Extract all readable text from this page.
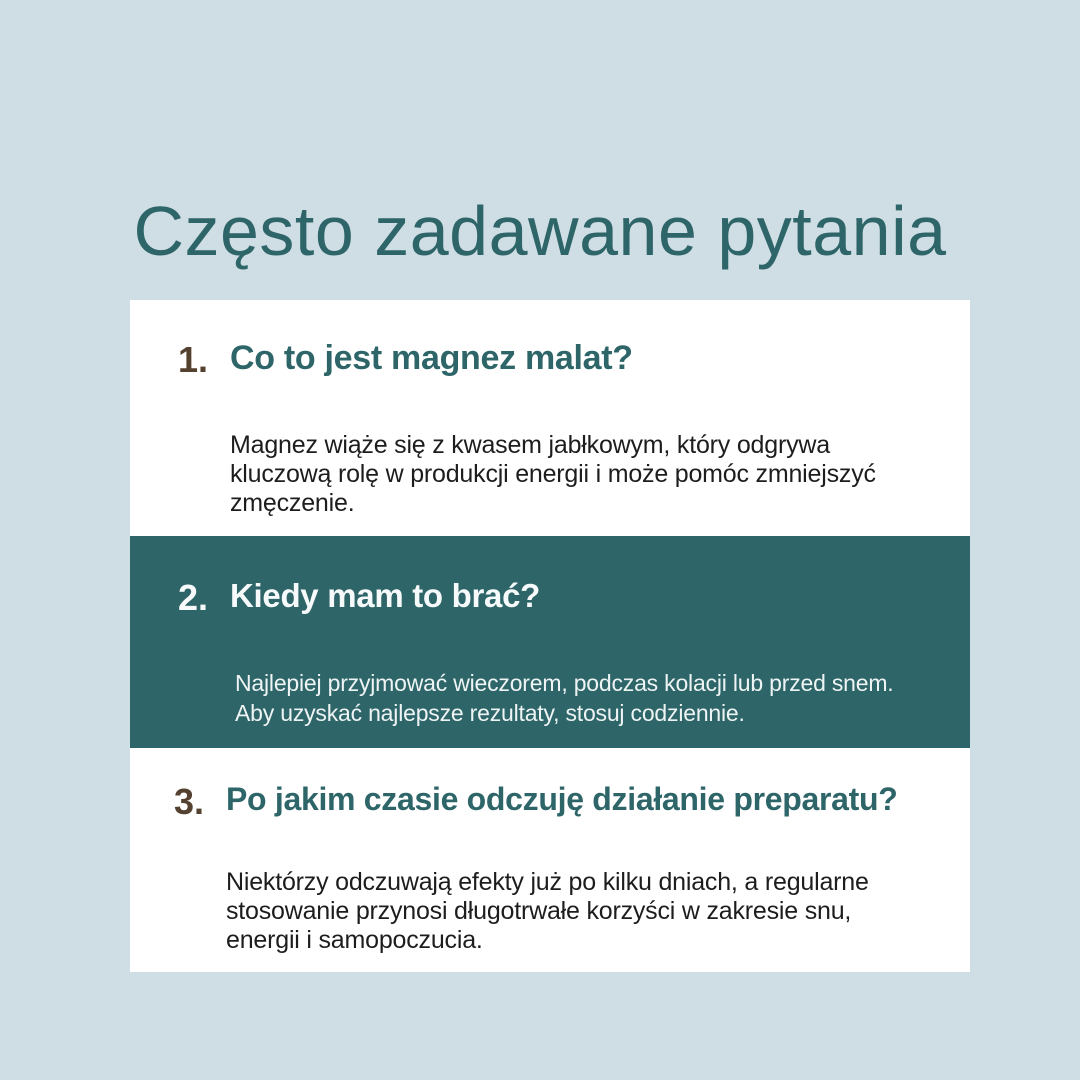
Często zadawane pytania
1. Co to jest magnez malat?
Magnez wiąże się z kwasem jabłkowym, który odgrywa kluczową rolę w produkcji energii i może pomóc zmniejszyć zmęczenie.
2. Kiedy mam to brać?
Najlepiej przyjmować wieczorem, podczas kolacji lub przed snem. Aby uzyskać najlepsze rezultaty, stosuj codziennie.
3. Po jakim czasie odczuję działanie preparatu?
Niektórzy odczuwają efekty już po kilku dniach, a regularne stosowanie przynosi długotrwałe korzyści w zakresie snu, energii i samopoczucia.
